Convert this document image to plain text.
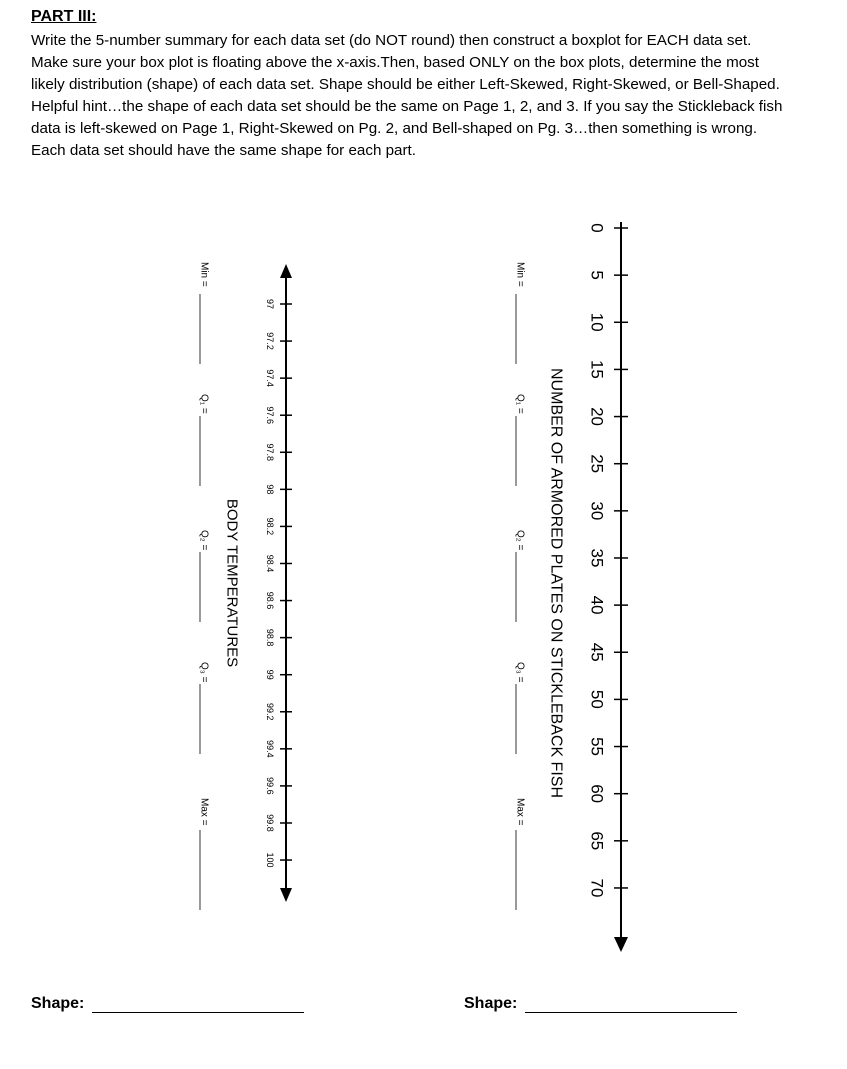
PART III:
Write the 5-number summary for each data set (do NOT round) then construct a boxplot for EACH data set. Make sure your box plot is floating above the x-axis.Then, based ONLY on the box plots, determine the most likely distribution (shape) of each data set. Shape should be either Left-Skewed, Right-Skewed, or Bell-Shaped. Helpful hint…the shape of each data set should be the same on Page 1, 2, and 3. If you say the Stickleback fish data is left-skewed on Page 1, Right-Skewed on Pg. 2, and Bell-shaped on Pg. 3…then something is wrong. Each data set should have the same shape for each part.
97
97.2
97.4
97.6
97.8
98
98.2
98.4
98.6
98.8
99
99.2
99.4
99.6
99.8
100
BODY TEMPERATURES
Min =
Q₁ =
Q₂ =
Q₃ =
Max =
0
5
10
15
20
25
30
35
40
45
50
55
60
65
70
NUMBER OF ARMORED PLATES ON STICKLEBACK FISH
Min =
Q₁ =
Q₂ =
Q₃ =
Max =
Shape:	Shape:
